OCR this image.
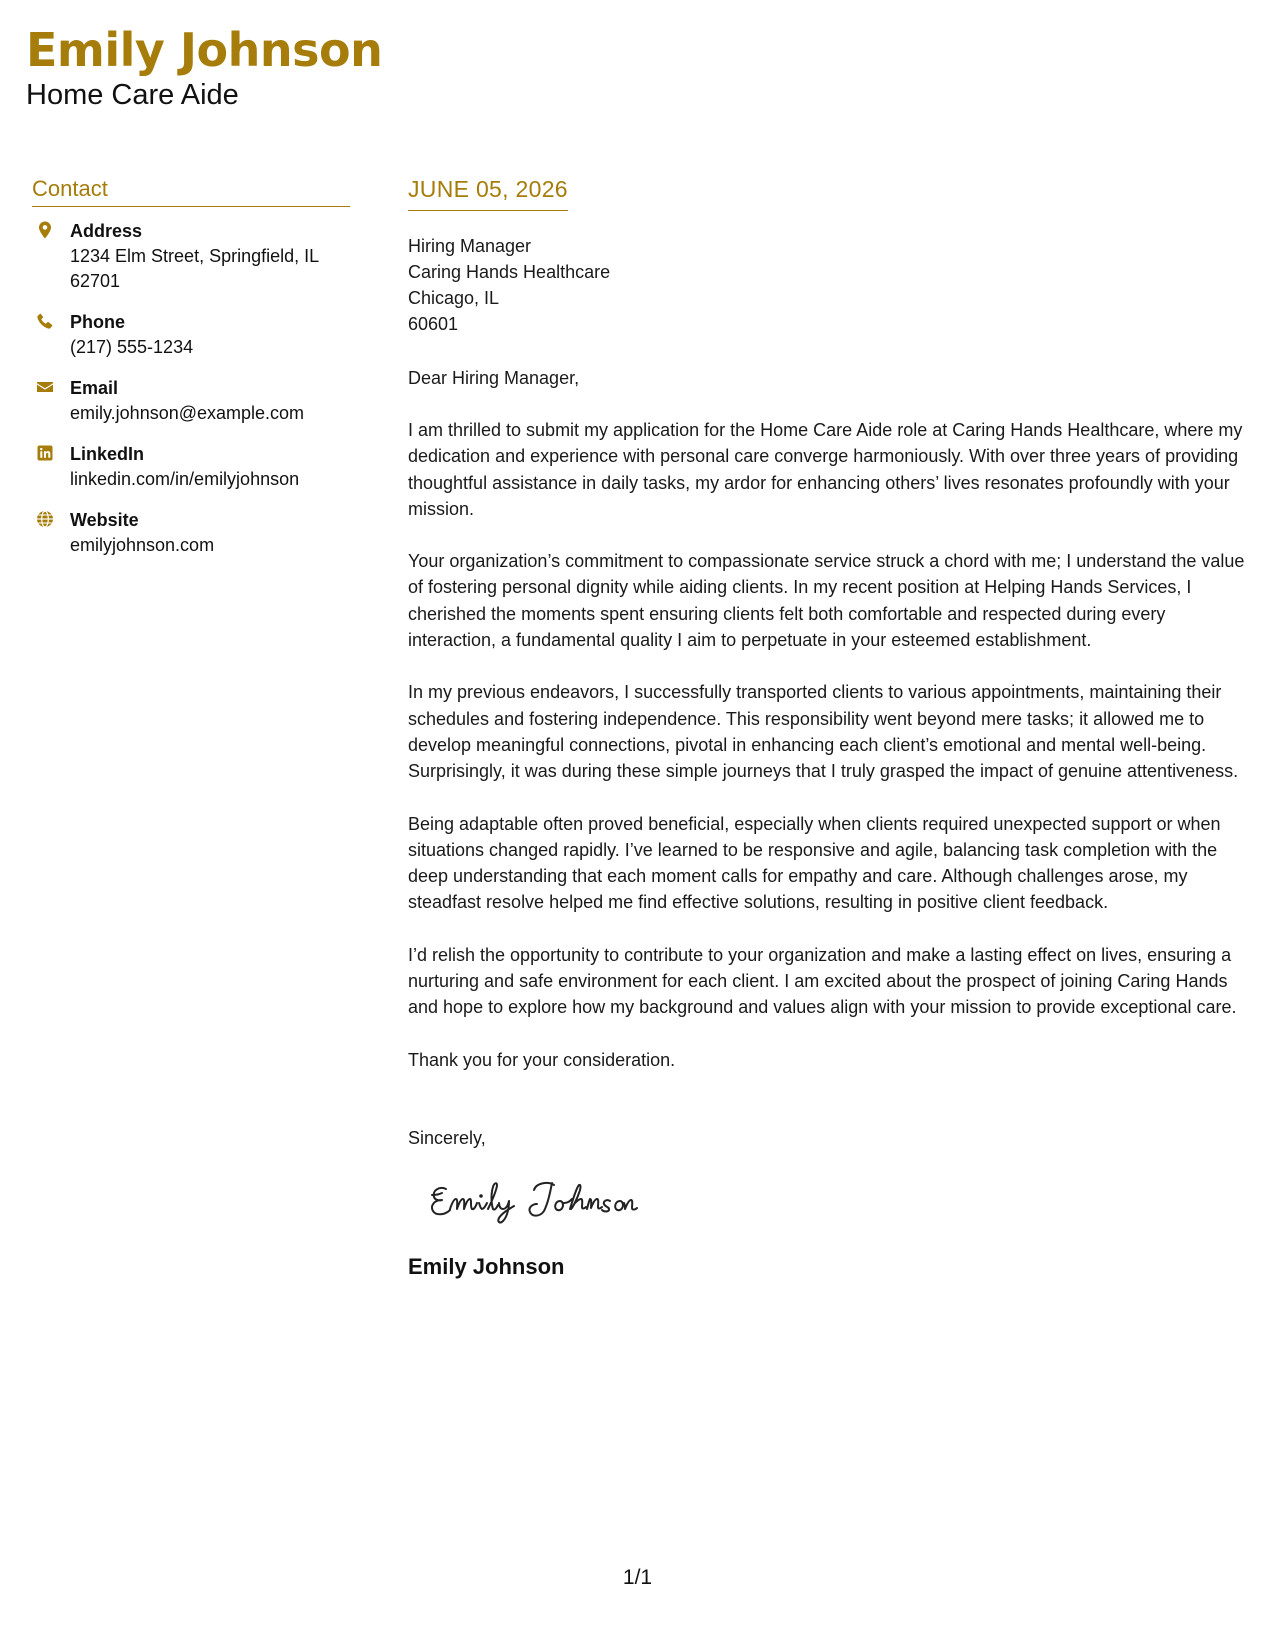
Emily Johnson
Home Care Aide
Contact
Address
1234 Elm Street, Springfield, IL 62701
Phone
(217) 555-1234
Email
emily.johnson@example.com
LinkedIn
linkedin.com/in/emilyjohnson
Website
emilyjohnson.com
JUNE 05, 2026
Hiring Manager
Caring Hands Healthcare
Chicago, IL
60601
Dear Hiring Manager,
I am thrilled to submit my application for the Home Care Aide role at Caring Hands Healthcare, where my dedication and experience with personal care converge harmoniously. With over three years of providing thoughtful assistance in daily tasks, my ardor for enhancing others’ lives resonates profoundly with your mission.
Your organization’s commitment to compassionate service struck a chord with me; I understand the value of fostering personal dignity while aiding clients. In my recent position at Helping Hands Services, I cherished the moments spent ensuring clients felt both comfortable and respected during every interaction, a fundamental quality I aim to perpetuate in your esteemed establishment.
In my previous endeavors, I successfully transported clients to various appointments, maintaining their schedules and fostering independence. This responsibility went beyond mere tasks; it allowed me to develop meaningful connections, pivotal in enhancing each client’s emotional and mental well-being. Surprisingly, it was during these simple journeys that I truly grasped the impact of genuine attentiveness.
Being adaptable often proved beneficial, especially when clients required unexpected support or when situations changed rapidly. I’ve learned to be responsive and agile, balancing task completion with the deep understanding that each moment calls for empathy and care. Although challenges arose, my steadfast resolve helped me find effective solutions, resulting in positive client feedback.
I’d relish the opportunity to contribute to your organization and make a lasting effect on lives, ensuring a nurturing and safe environment for each client. I am excited about the prospect of joining Caring Hands and hope to explore how my background and values align with your mission to provide exceptional care.
Thank you for your consideration.
Sincerely,
Emily Johnson
1/1
